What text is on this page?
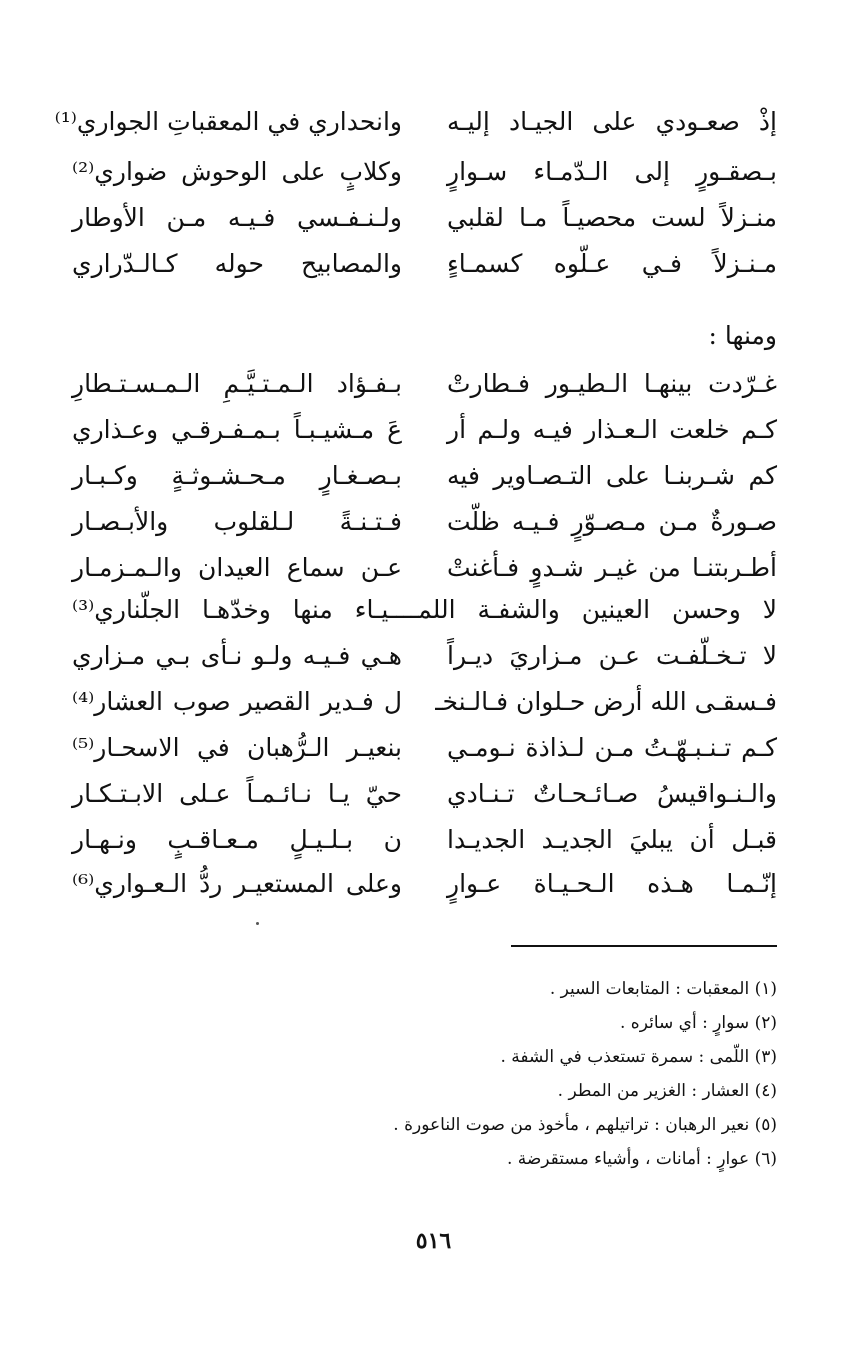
إذْ صعـودي على الجيـاد إليـه
وانحداري في المعقباتِ الجواري⁽¹⁾
بـصقـورٍ إلى الـدّمـاء سـوارٍ
وكلابٍ على الوحوش ضواري⁽²⁾
منـزلاً لست محصيـاً مـا لقلبي
ولـنـفـسي فـيـه مـن الأوطار
مـنـزلاً فـي عـلّوه كسمـاءٍ
والمصابيح حوله كـالـدّراري
ومنها :
غـرّدت بينهـا الـطيـور فـطارتْ
بـفـؤاد الـمـتـيَّـمِ الـمـسـتـطارِ
كـم خلعت الـعـذار فيـه ولـم أر
عَ مـشيـبـاً بـمـفـرقـي وعـذاري
كم شـربنـا على التـصـاوير فيه
بـصـغـارٍ مـحـشـوثـةٍ وكـبـار
صـورةٌ مـن مـصـوّرٍ فـيـه ظلّت
فـتـنـةً لـلقلوب والأبـصـار
أطـربتنـا من غيـر شـدوٍ فـأغنتْ
عـن سماع العيدان والـمـزمـار
لا وحسن العينين والشفـة اللمــــيـاء منها وخدّهـا الجلّناري⁽³⁾
لا تـخـلّفـت عـن مـزاريَ ديـراً
هـي فـيـه ولـو نـأى بـي مـزاري
فـسقـى الله أرض حـلوان فـالـنخـ
ل فـدير القصير صوب العشار⁽⁴⁾
كـم تـنـبـهّـتُ مـن لـذاذة نـومـي
بنعيـر الـرُّهبان في الاسحـار⁽⁵⁾
والـنـواقيسُ صـائـحـاتٌ تـنـادي
حيّ يـا نـائـمـاً عـلى الابـتـكـار
قبـل أن يبليَ الجديـد الجديـدا
ن بـلـيـلٍ مـعـاقـبٍ ونـهـار
إنّـمـا هـذه الـحـيـاة عـوارٍ
وعلى المستعيـر ردُّ الـعـواري⁽⁶⁾
(١) المعقبات : المتابعات السير .
(٢) سوارٍ : أي سائره .
(٣) اللّمى : سمرة تستعذب في الشفة .
(٤) العشار : الغزير من المطر .
(٥) نعير الرهبان : تراتيلهم ، مأخوذ من صوت الناعورة .
(٦) عوارٍ : أمانات ، وأشياء مستقرضة .
٥١٦
